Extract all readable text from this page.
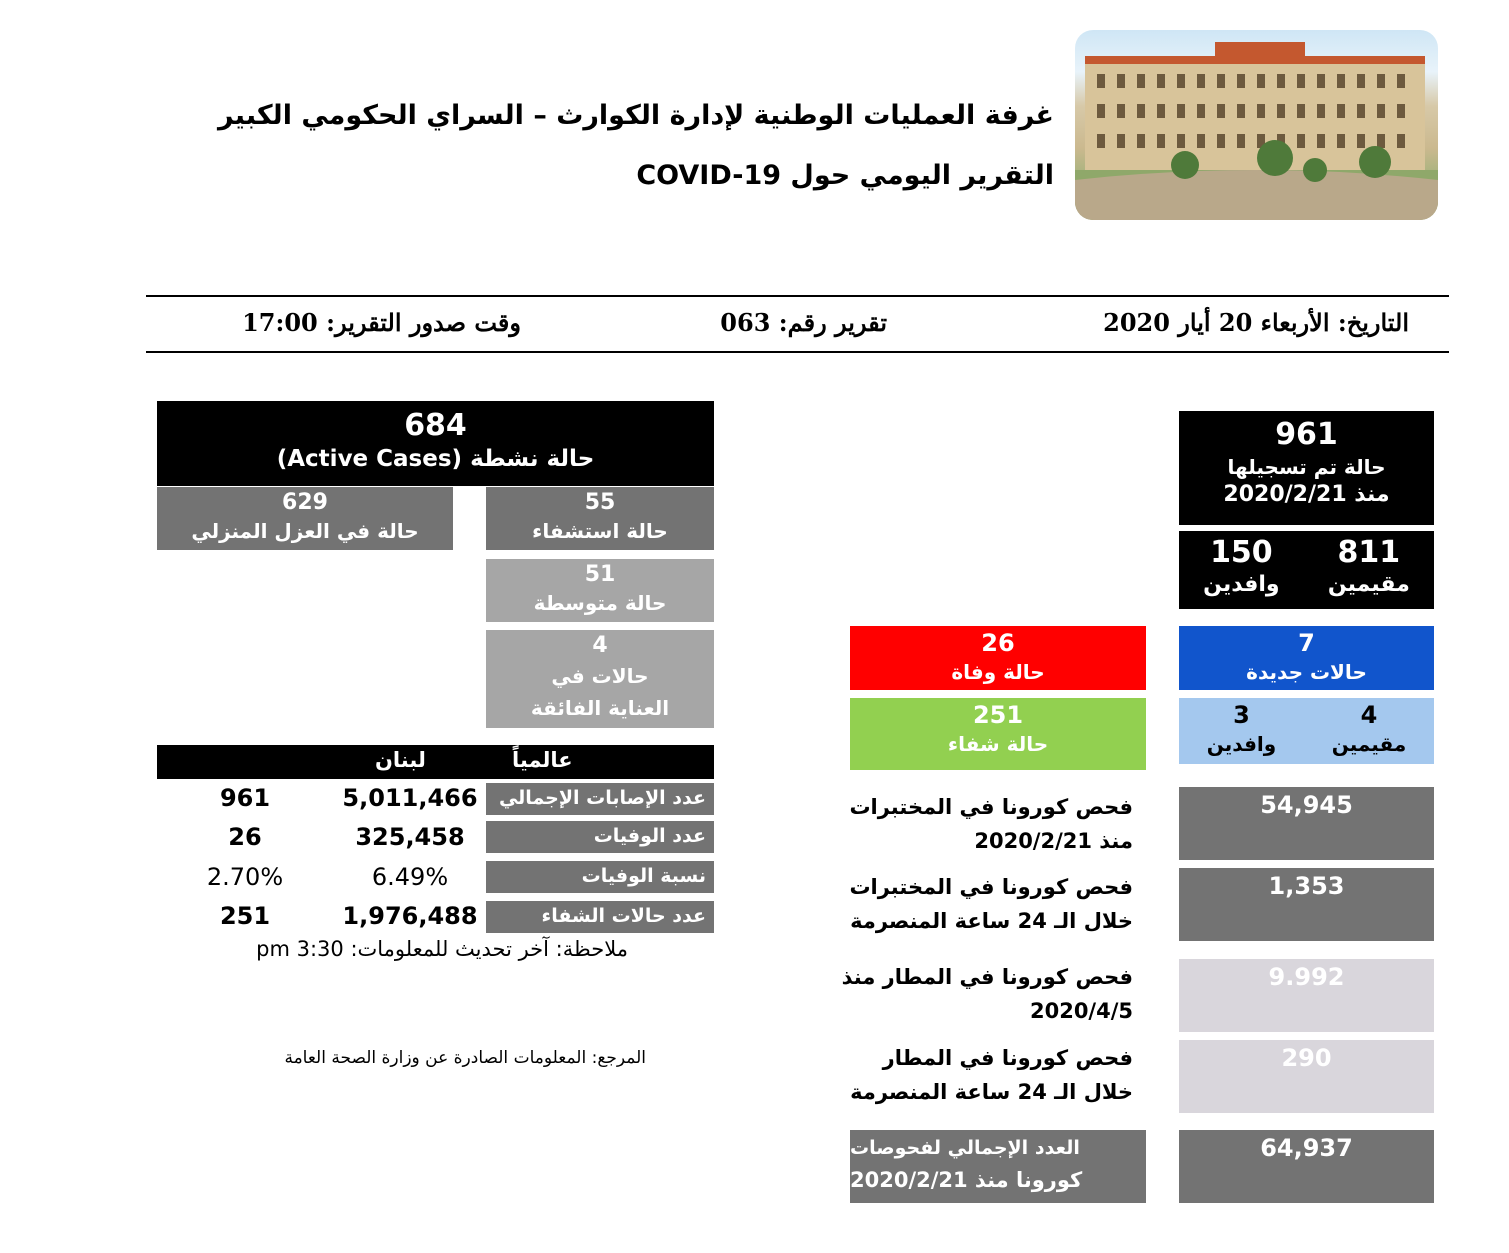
غرفة العمليات الوطنية لإدارة الكوارث – السراي الحكومي الكبير
التقرير اليومي حول COVID-19
التاريخ: الأربعاء 20 أيار 2020
تقرير رقم: 063
وقت صدور التقرير: 17:00
684
حالة نشطة (Active Cases)
629
حالة في العزل المنزلي
55
حالة استشفاء
51
حالة متوسطة
4
حالات في العناية الفائقة
عالمياً
لبنان
عدد الإصابات الإجمالي
5,011,466
961
عدد الوفيات
325,458
26
نسبة الوفيات
6.49%
2.70%
عدد حالات الشفاء
1,976,488
251
ملاحظة: آخر تحديث للمعلومات: 3:30 pm
المرجع: المعلومات الصادرة عن وزارة الصحة العامة
961
حالة تم تسجيلها
منذ 2020/2/21
811
مقيمين
150
وافدين
7
حالات جديدة
4
مقيمين
3
وافدين
26
حالة وفاة
251
حالة شفاء
فحص كورونا في المختبرات
منذ 2020/2/21
54,945
فحص كورونا في المختبرات
خلال الـ 24 ساعة المنصرمة
1,353
فحص كورونا في المطار منذ
2020/4/5
9.992
فحص كورونا في المطار
خلال الـ 24 ساعة المنصرمة
290
العدد الإجمالي لفحوصات
كورونا منذ 2020/2/21
64,937
